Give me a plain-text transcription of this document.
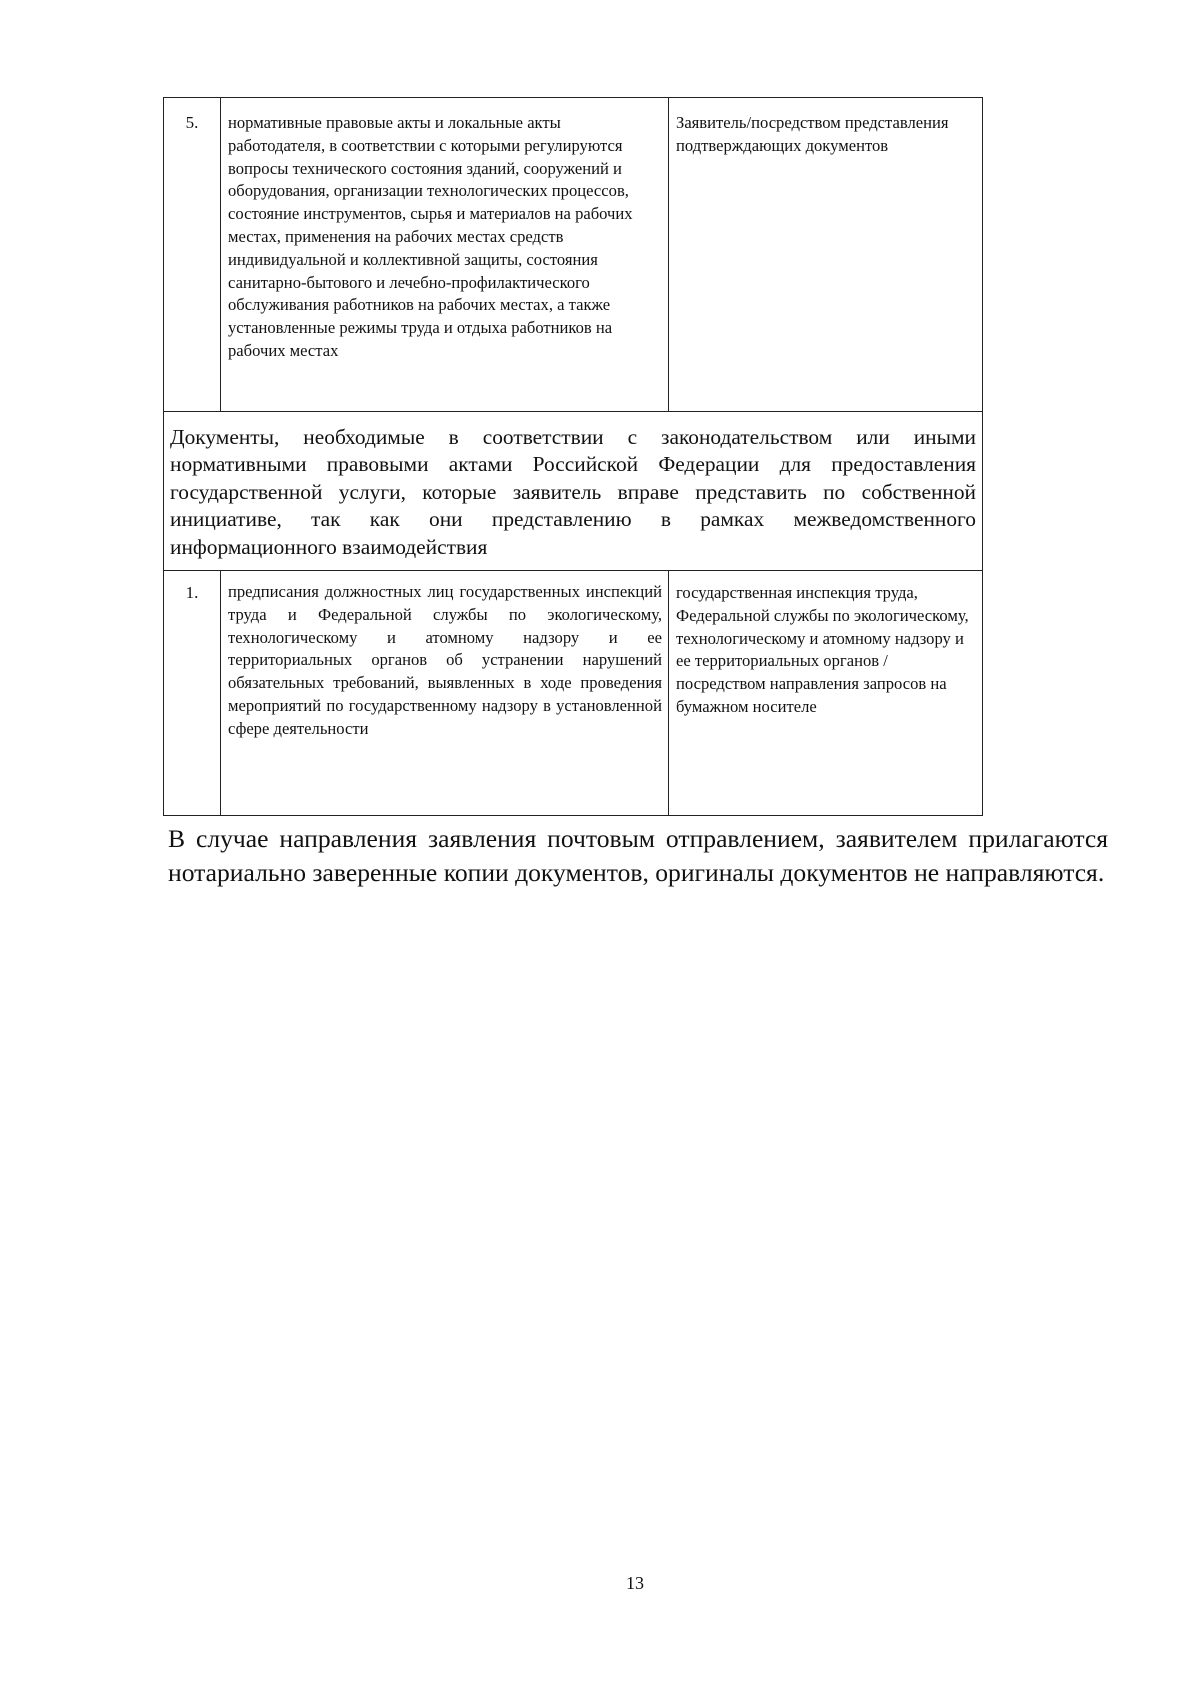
5.	нормативные правовые акты и локальные акты работодателя, в соответствии с которыми регулируются вопросы технического состояния зданий, сооружений и оборудования, организации технологических процессов, состояние инструментов, сырья и материалов на рабочих местах, применения на рабочих местах средств индивидуальной и коллективной защиты, состояния санитарно-бытового и лечебно-профилактического обслуживания работников на рабочих местах, а также установленные режимы труда и отдыха работников на рабочих местах	Заявитель/посредством представления подтверждающих документов
Документы, необходимые в соответствии с законодательством или иными нормативными правовыми актами Российской Федерации для предоставления государственной услуги, которые заявитель вправе представить по собственной инициативе, так как они представлению в рамках межведомственного информационного взаимодействия		
1.	предписания должностных лиц государственных инспекций труда и Федеральной службы по экологическому, технологическому и атомному надзору и ее территориальных органов об устранении нарушений обязательных требований, выявленных в ходе проведения мероприятий по государственному надзору в установленной сфере деятельности	государственная инспекция труда, Федеральной службы по экологическому, технологическому и атомному надзору и ее территориальных органов / посредством направления запросов на бумажном носителе
В случае направления заявления почтовым отправлением, заявителем прилагаются нотариально заверенные копии документов, оригиналы документов не направляются.
13
